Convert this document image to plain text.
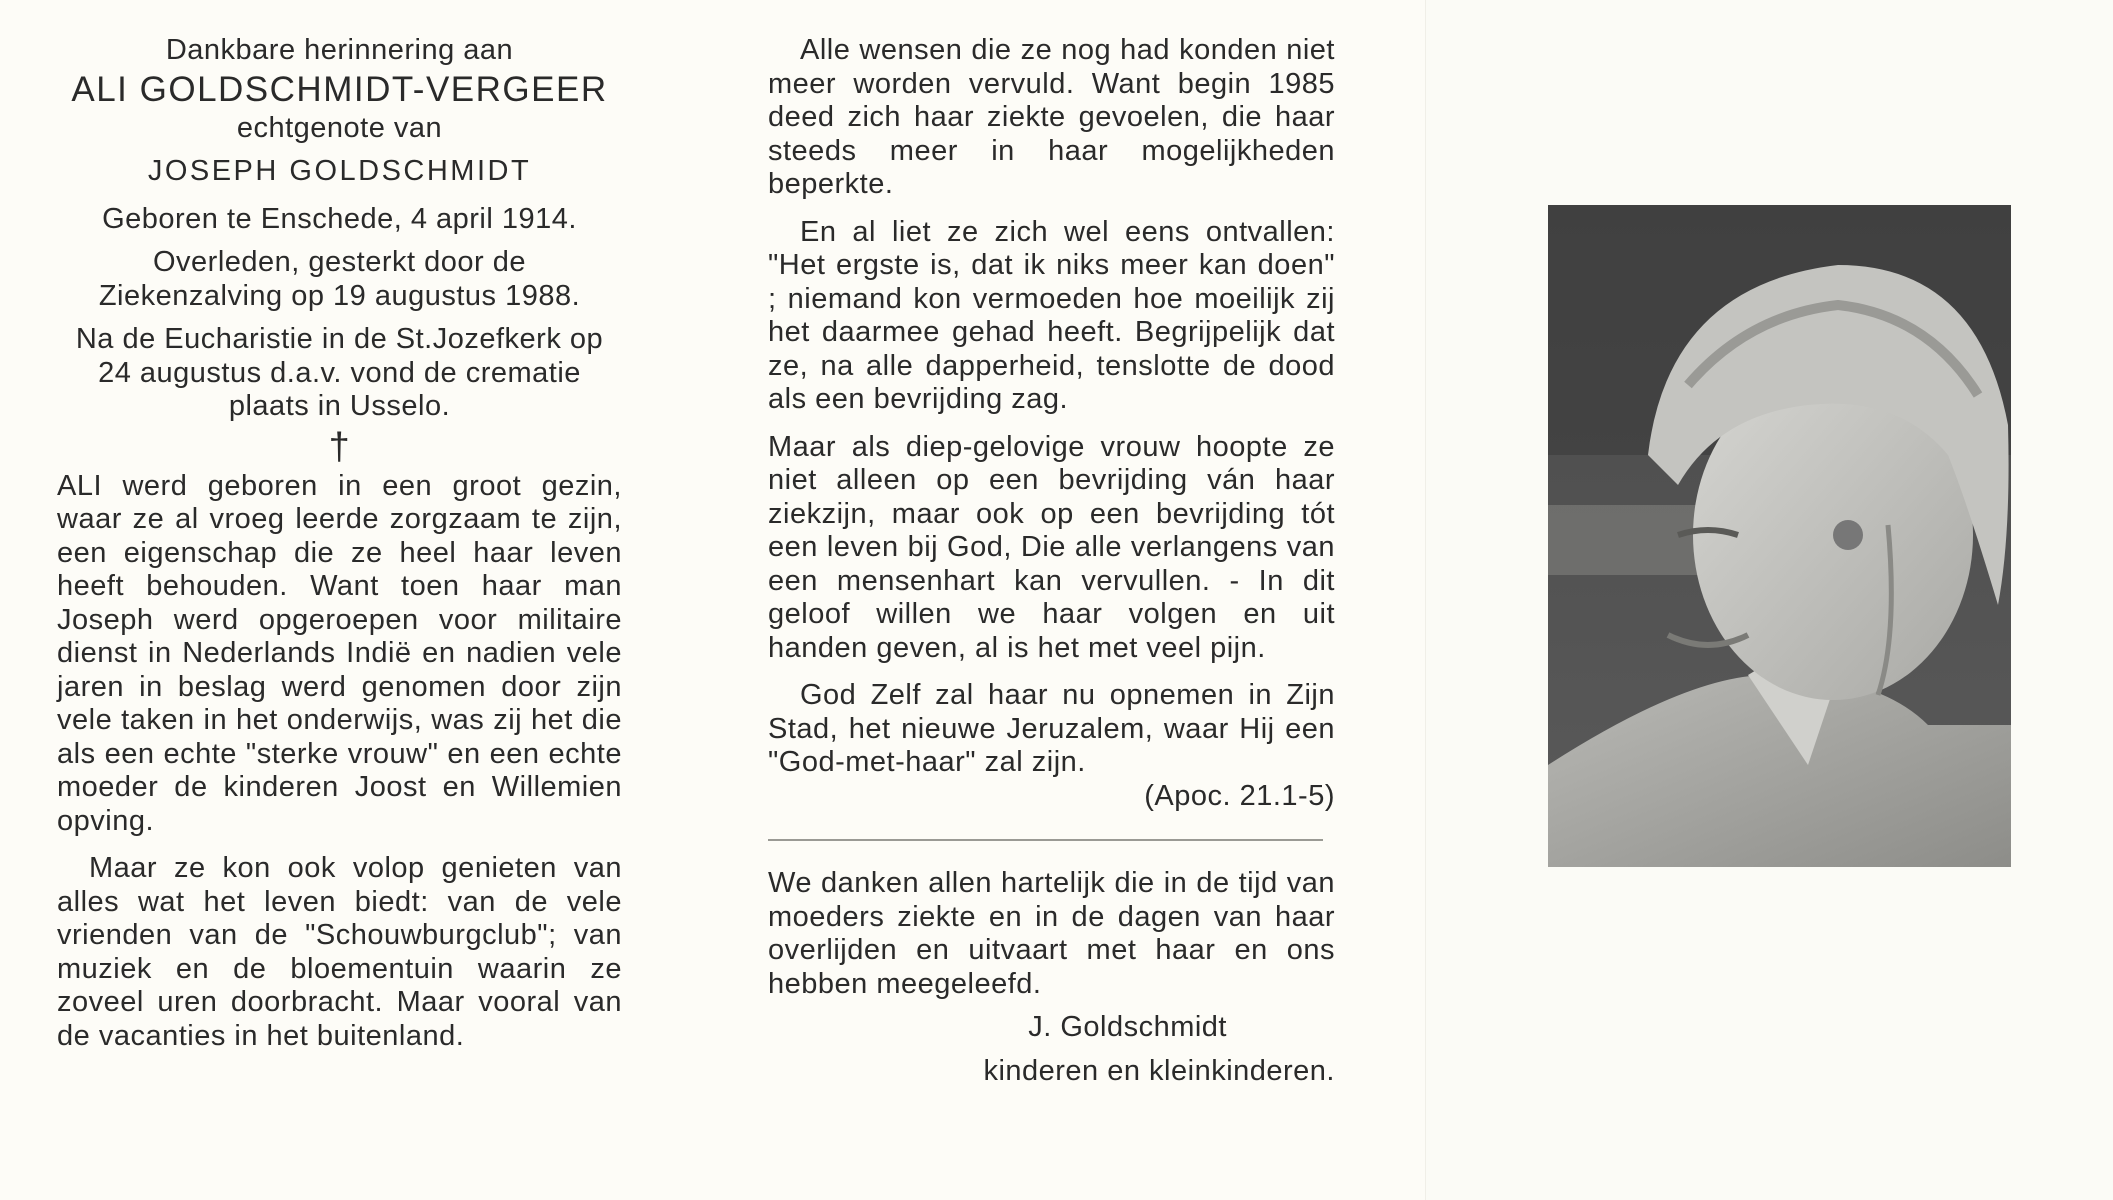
Dankbare herinnering aan

ALI GOLDSCHMIDT-VERGEER

echtgenote van

JOSEPH GOLDSCHMIDT

Geboren te Enschede, 4 april 1914.

Overleden, gesterkt door de Ziekenzalving op 19 augustus 1988.

Na de Eucharistie in de St.Jozefkerk op 24 augustus d.a.v. vond de crematie plaats in Usselo.

†

ALI werd geboren in een groot gezin, waar ze al vroeg leerde zorgzaam te zijn, een eigenschap die ze heel haar leven heeft behouden. Want toen haar man Joseph werd opgeroepen voor militaire dienst in Nederlands Indië en nadien vele jaren in beslag werd genomen door zijn vele taken in het onderwijs, was zij het die als een echte "sterke vrouw" en een echte moeder de kinderen Joost en Willemien opving.

Maar ze kon ook volop genieten van alles wat het leven biedt: van de vele vrienden van de "Schouwburgclub"; van muziek en de bloementuin waarin ze zoveel uren doorbracht. Maar vooral van de vacanties in het buitenland.

Alle wensen die ze nog had konden niet meer worden vervuld. Want begin 1985 deed zich haar ziekte gevoelen, die haar steeds meer in haar mogelijkheden beperkte.

En al liet ze zich wel eens ontvallen: "Het ergste is, dat ik niks meer kan doen" ; niemand kon vermoeden hoe moeilijk zij het daarmee gehad heeft. Begrijpelijk dat ze, na alle dapperheid, tenslotte de dood als een bevrijding zag.

Maar als diep-gelovige vrouw hoopte ze niet alleen op een bevrijding ván haar ziekzijn, maar ook op een bevrijding tót een leven bij God, Die alle verlangens van een mensenhart kan vervullen. - In dit geloof willen we haar volgen en uit handen geven, al is het met veel pijn.

God Zelf zal haar nu opnemen in Zijn Stad, het nieuwe Jeruzalem, waar Hij een "God-met-haar" zal zijn.

(Apoc. 21.1-5)

We danken allen hartelijk die in de tijd van moeders ziekte en in de dagen van haar overlijden en uitvaart met haar en ons hebben meegeleefd.

J. Goldschmidt

kinderen en kleinkinderen.
